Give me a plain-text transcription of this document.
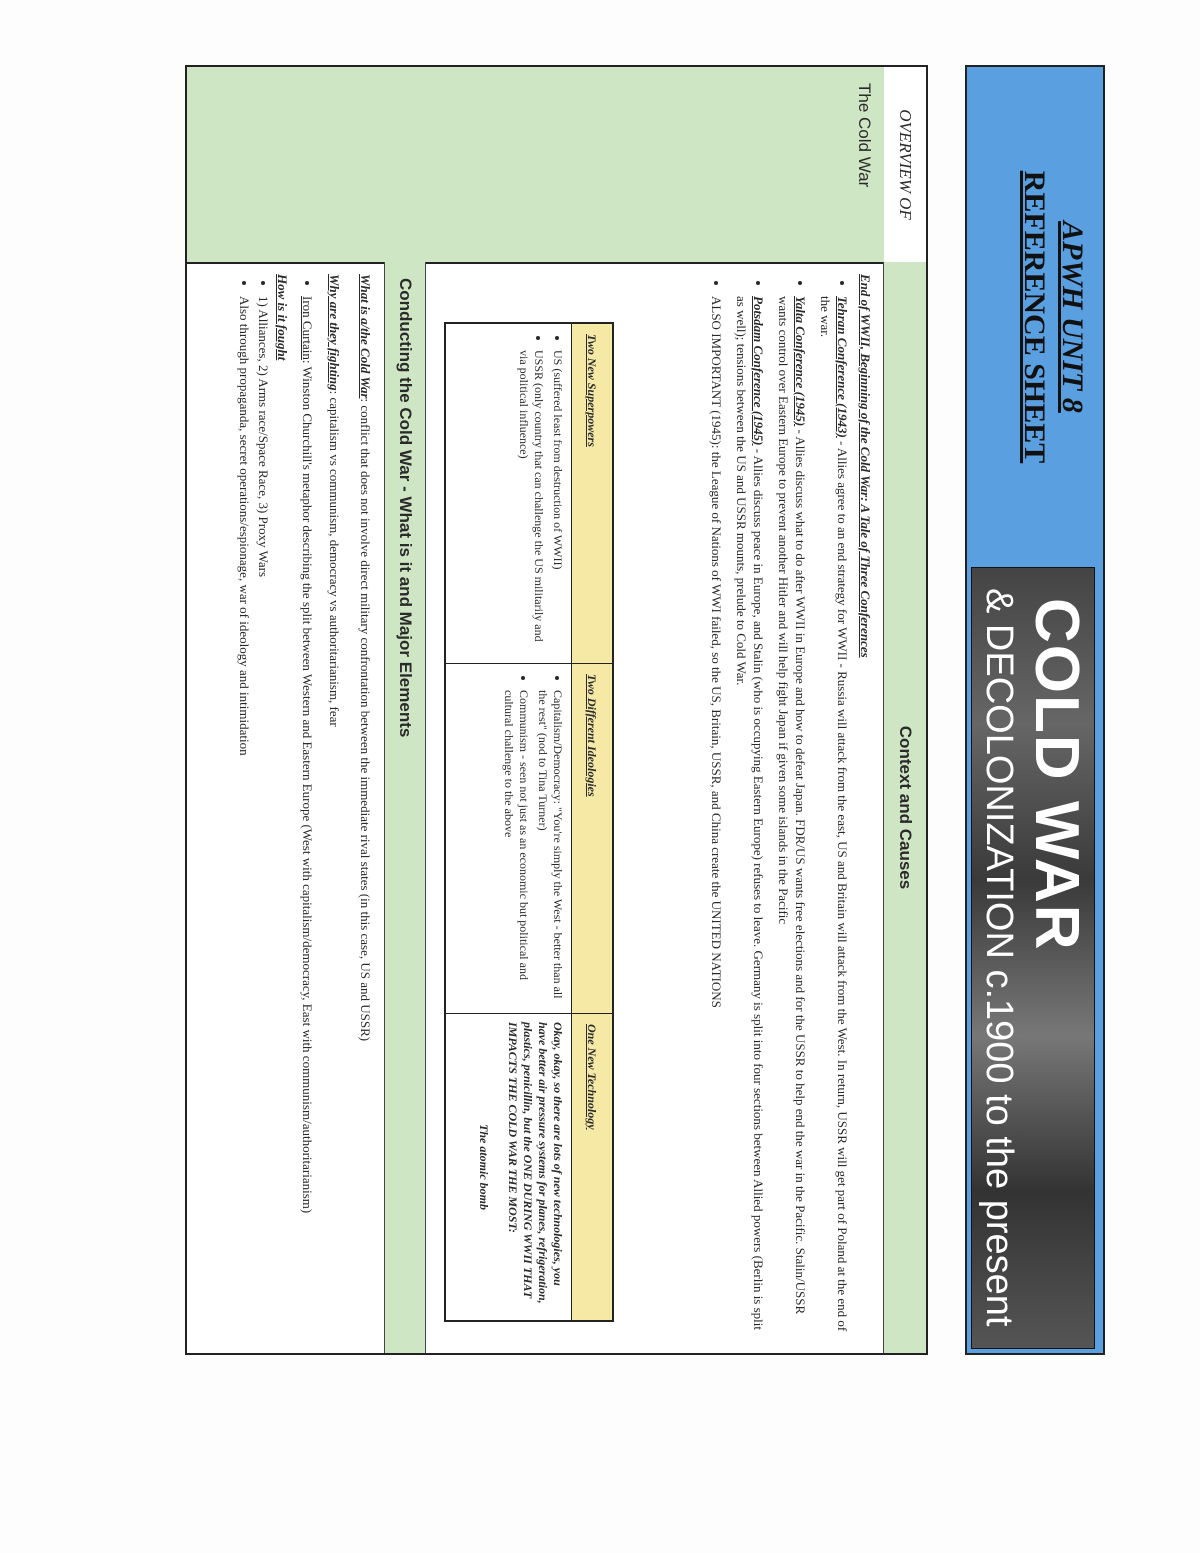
APWH UNIT 8
REFERENCE SHEET
COLD WAR
& DECOLONIZATION c.1900 to the present
OVERVIEW OF
The Cold War
Context and Causes
End of WWII, Beginning of the Cold War: A Tale of Three Conferences
• Tehran Conference (1943) - Allies agree to an end strategy for WWII - Russia will attack from the east, US and Britain will attack from the West. In return, USSR will get part of Poland at the end of the war.
• Yalta Conference (1945) - Allies discuss what to do after WWII in Europe and how to defeat Japan. FDR/US wants free elections and for the USSR to help end the war in the Pacific. Stalin/USSR wants control over Eastern Europe to prevent another Hitler and will help fight Japan if given some islands in the Pacific
• Potsdam Conference (1945) - Allies discuss peace in Europe, and Stalin (who is occupying Eastern Europe) refuses to leave. Germany is split into four sections between Allied powers (Berlin is split as well); tensions between the US and USSR mounts, prelude to Cold War.
• ALSO IMPORTANT (1945): the League of Nations of WWI failed, so the US, Britain, USSR, and China create the UNITED NATIONS
Two New Superpowers
• US (suffered least from destruction of WWII)
• USSR (only country that can challenge the US militarily and via political influence)
Two Different Ideologies
• Capitalism/Democracy: "You're simply the West - better than all the rest" (nod to Tina Turner)
• Communism - seen not just as an economic but political and cultural challenge to the above
One New Technology
Okay, okay, so there are lots of new technologies, you have better air pressure systems for planes, refrigeration, plastics, penicillin, but the ONE DURING WWII THAT IMPACTS THE COLD WAR THE MOST:
The atomic bomb
Conducting the Cold War - What is it and Major Elements
What is a/the Cold War: conflict that does not involve direct military confrontation between the immediate rival states (in this case, US and USSR)
Why are they fighting: capitalism vs communism, democracy vs authoritarianism, fear
• Iron Curtain: Winston Churchill's metaphor describing the split between Western and Eastern Europe (West with capitalism/democracy, East with communism/authoritarianism)
How is it fought
• 1) Alliances, 2) Arms race/Space Race, 3) Proxy Wars
• Also through propaganda, secret operations/espionage, war of ideology and intimidation
